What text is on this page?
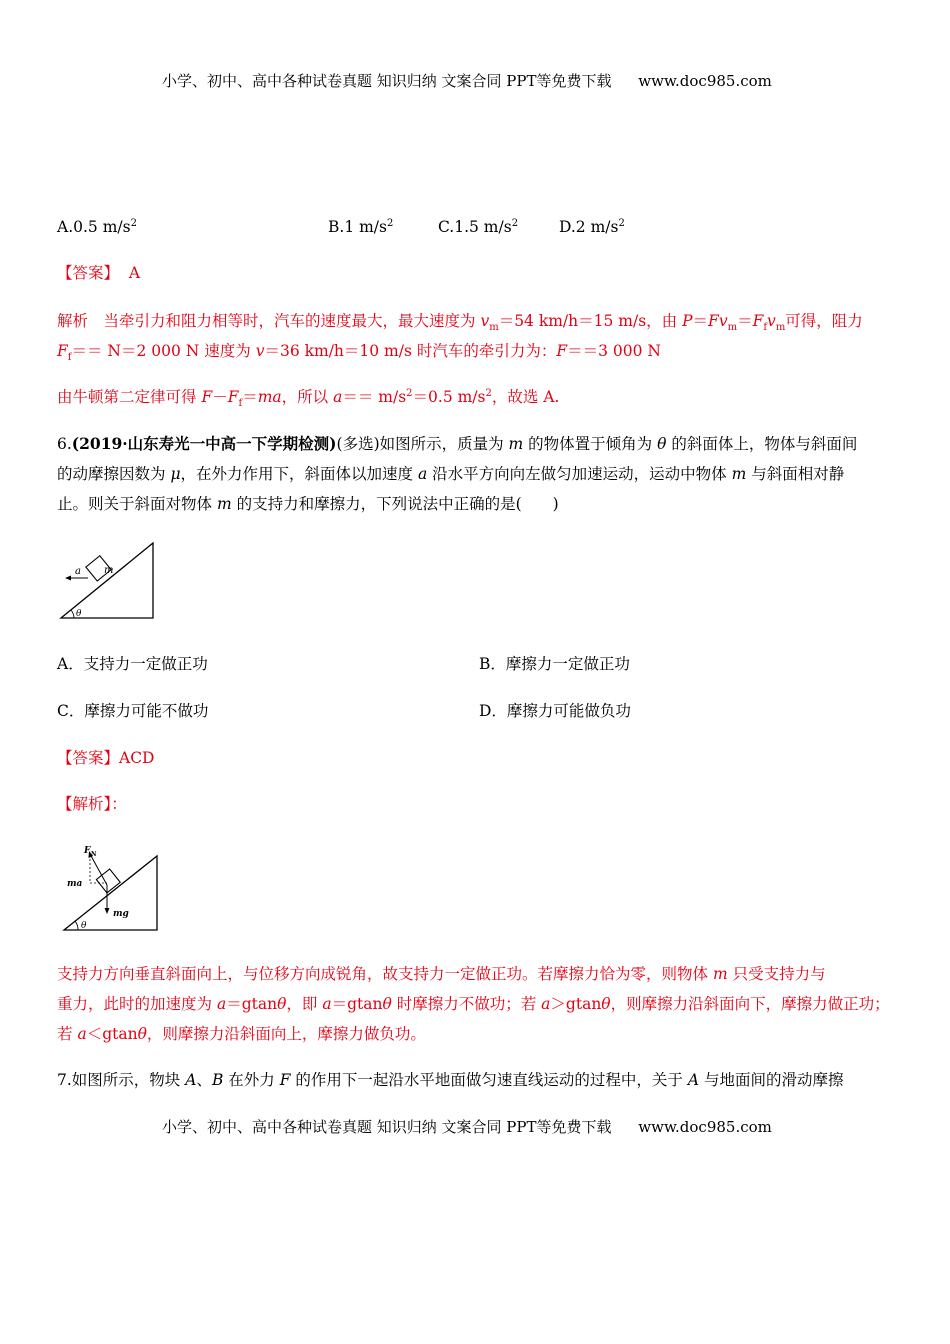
小学、初中、高中各种试卷真题 知识归纳 文案合同 PPT等免费下载 www.doc985.com
A.0.5 $m/s^2$	B.1 $m/s^2$	C.1.5 $m/s^2$	D.2 $m/s^2$
【答案】 A
解析　当牵引力和阻力相等时，汽车的速度最大，最大速度为 $v_m=54$ km/h＝15 m/s，由 $P=Fv_m=F_fv_m$可得，阻力
$F_f== N=2$ 000 N 速度为 v＝36 km/h＝10 m/s 时汽车的牵引力为：F＝＝3 000 N
由牛顿第二定律可得 $F-F_f=ma$，所以 $a== m/s^2=0.5$ $m/s^2$，故选 A.
6.(2019·山东寿光一中高一下学期检测)(多选)如图所示，质量为 m 的物体置于倾角为 θ 的斜面体上，物体与斜面间
的动摩擦因数为 μ，在外力作用下，斜面体以加速度 a 沿水平方向向左做匀加速运动，运动中物体 m 与斜面相对静
止。则关于斜面对物体 m 的支持力和摩擦力，下列说法中正确的是(　　)
m
a
θ
A．支持力一定做正功	B．摩擦力一定做正功
C．摩擦力可能不做功	D．摩擦力可能做负功
【答案】ACD
【解析】：
F N
mg
ma
θ
支持力方向垂直斜面向上，与位移方向成锐角，故支持力一定做正功。若摩擦力恰为零，则物体 m 只受支持力与
重力，此时的加速度为 a＝gtanθ，即 a＝gtanθ 时摩擦力不做功；若 a＞gtanθ，则摩擦力沿斜面向下，摩擦力做正功；
若 a＜gtanθ，则摩擦力沿斜面向上，摩擦力做负功。
7.如图所示，物块 A、B 在外力 F 的作用下一起沿水平地面做匀速直线运动的过程中，关于 A 与地面间的滑动摩擦
小学、初中、高中各种试卷真题 知识归纳 文案合同 PPT等免费下载 www.doc985.com
